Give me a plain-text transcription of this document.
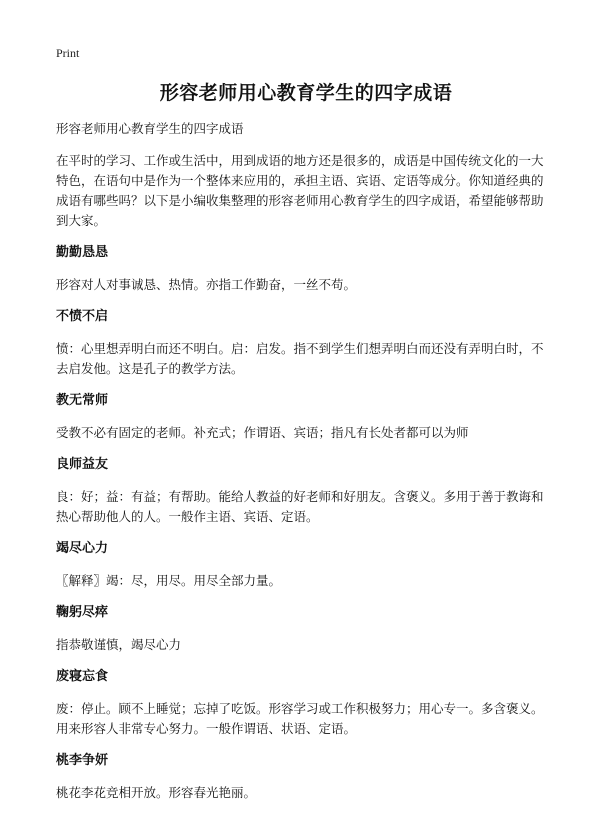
Print
形容老师用心教育学生的四字成语

形容老师用心教育学生的四字成语

在平时的学习、工作或生活中，用到成语的地方还是很多的，成语是中国传统文化的一大特色，在语句中是作为一个整体来应用的，承担主语、宾语、定语等成分。你知道经典的成语有哪些吗？以下是小编收集整理的形容老师用心教育学生的四字成语，希望能够帮助到大家。

勤勤恳恳

形容对人对事诚恳、热情。亦指工作勤奋，一丝不苟。

不愤不启

愤：心里想弄明白而还不明白。启：启发。指不到学生们想弄明白而还没有弄明白时，不去启发他。这是孔子的教学方法。

教无常师

受教不必有固定的老师。补充式；作谓语、宾语；指凡有长处者都可以为师

良师益友

良：好；益：有益；有帮助。能给人教益的好老师和好朋友。含褒义。多用于善于教诲和热心帮助他人的人。一般作主语、宾语、定语。

竭尽心力

〖解释〗竭：尽，用尽。用尽全部力量。

鞠躬尽瘁

指恭敬谨慎，竭尽心力

废寝忘食

废：停止。顾不上睡觉；忘掉了吃饭。形容学习或工作积极努力；用心专一。多含褒义。用来形容人非常专心努力。一般作谓语、状语、定语。

桃李争妍

桃花李花竞相开放。形容春光艳丽。
